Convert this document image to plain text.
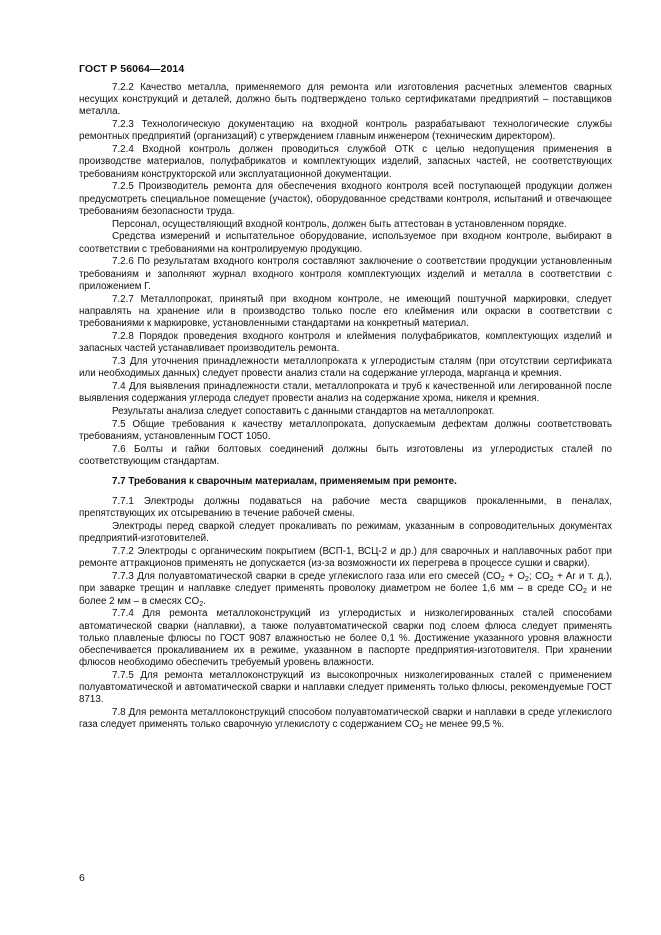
ГОСТ Р 56064—2014

7.2.2 Качество металла, применяемого для ремонта или изготовления расчетных элементов сварных несущих конструкций и деталей, должно быть подтверждено только сертификатами предприятий – поставщиков металла.

7.2.3 Технологическую документацию на входной контроль разрабатывают технологические службы ремонтных предприятий (организаций) с утверждением главным инженером (техническим директором).

7.2.4 Входной контроль должен проводиться службой ОТК с целью недопущения применения в производстве материалов, полуфабрикатов и комплектующих изделий, запасных частей, не соответствующих требованиям конструкторской или эксплуатационной документации.

7.2.5 Производитель ремонта для обеспечения входного контроля всей поступающей продукции должен предусмотреть специальное помещение (участок), оборудованное средствами контроля, испытаний и отвечающее требованиям безопасности труда.

Персонал, осуществляющий входной контроль, должен быть аттестован в установленном порядке.

Средства измерений и испытательное оборудование, используемое при входном контроле, выбирают в соответствии с требованиями на контролируемую продукцию.

7.2.6 По результатам входного контроля составляют заключение о соответствии продукции установленным требованиям и заполняют журнал входного контроля комплектующих изделий и металла в соответствии с приложением Г.

7.2.7 Металлопрокат, принятый при входном контроле, не имеющий поштучной маркировки, следует направлять на хранение или в производство только после его клеймения или окраски в соответствии с требованиями к маркировке, установленными стандартами на конкретный материал.

7.2.8 Порядок проведения входного контроля и клеймения полуфабрикатов, комплектующих изделий и запасных частей устанавливает производитель ремонта.

7.3 Для уточнения принадлежности металлопроката к углеродистым сталям (при отсутствии сертификата или необходимых данных) следует провести анализ стали на содержание углерода, марганца и кремния.

7.4 Для выявления принадлежности стали, металлопроката и труб к качественной или легированной после выявления содержания углерода следует провести анализ на содержание хрома, никеля и кремния.

Результаты анализа следует сопоставить с данными стандартов на металлопрокат.

7.5 Общие требования к качеству металлопроката, допускаемым дефектам должны соответствовать требованиям, установленным ГОСТ 1050.

7.6 Болты и гайки болтовых соединений должны быть изготовлены из углеродистых сталей по соответствующим стандартам.

7.7 Требования к сварочным материалам, применяемым при ремонте.

7.7.1 Электроды должны подаваться на рабочие места сварщиков прокаленными, в пеналах, препятствующих их отсыреванию в течение рабочей смены.

Электроды перед сваркой следует прокаливать по режимам, указанным в сопроводительных документах предприятий-изготовителей.

7.7.2 Электроды с органическим покрытием (ВСП-1, ВСЦ-2 и др.) для сварочных и наплавочных работ при ремонте аттракционов применять не допускается (из-за возможности их перегрева в процессе сушки и сварки).

7.7.3 Для полуавтоматической сварки в среде углекислого газа или его смесей ($CO_2 + O_2$; $CO_2 + Ar$ и т. д.), при заварке трещин и наплавке следует применять проволоку диаметром не более 1,6 мм – в среде $CO_2$ и не более 2 мм – в смесях $CO_2$.

7.7.4 Для ремонта металлоконструкций из углеродистых и низколегированных сталей способами автоматической сварки (наплавки), а также полуавтоматической сварки под слоем флюса следует применять только плавленые флюсы по ГОСТ 9087 влажностью не более 0,1 %. Достижение указанного уровня влажности обеспечивается прокаливанием их в режиме, указанном в паспорте предприятия-изготовителя. При хранении флюсов необходимо обеспечить требуемый уровень влажности.

7.7.5 Для ремонта металлоконструкций из высокопрочных низколегированных сталей с применением полуавтоматической и автоматической сварки и наплавки следует применять только флюсы, рекомендуемые ГОСТ 8713.

7.8 Для ремонта металлоконструкций способом полуавтоматической сварки и наплавки в среде углекислого газа следует применять только сварочную углекислоту с содержанием $CO_2$ не менее 99,5 %.

6
